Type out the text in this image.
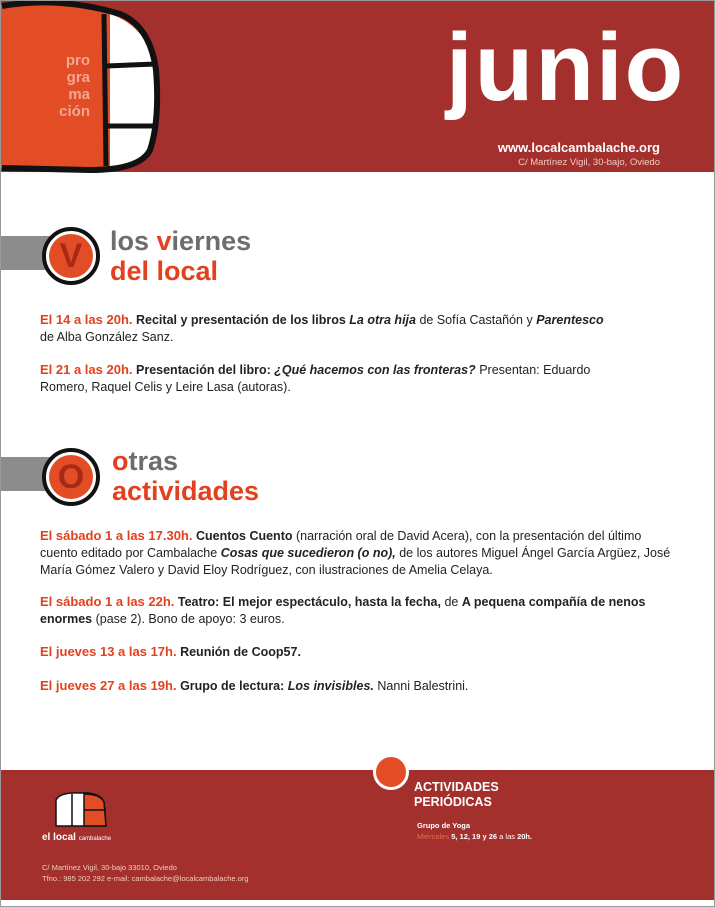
pro
gra
ma
ción	junio
www.localcambalache.org
C/ Martínez Vigil, 30-bajo, Oviedo
V	los viernes
del local
El 14 a las 20h. Recital y presentación de los libros La otra hija de Sofía Castañón y Parentesco
de Alba González Sanz.
El 21 a las 20h. Presentación del libro: ¿Qué hacemos con las fronteras? Presentan: Eduardo Romero, Raquel Celis y Leire Lasa (autoras).
O	otras
actividades
El sábado 1 a las 17.30h. Cuentos Cuento (narración oral de David Acera), con la presentación del último cuento editado por Cambalache Cosas que sucedieron (o no), de los autores Miguel Ángel García Argüez, José María Gómez Valero y David Eloy Rodríguez, con ilustraciones de Amelia Celaya.
El sábado 1 a las 22h. Teatro: El mejor espectáculo, hasta la fecha, de A pequena compañía de nenos enormes (pase 2). Bono de apoyo: 3 euros.
El jueves 13 a las 17h. Reunión de Coop57.
El jueves 27 a las 19h. Grupo de lectura: Los invisibles. Nanni Balestrini.
ACTIVIDADES
PERIÓDICAS
Grupo de Yoga
Miércoles 5, 12, 19 y 26 a las 20h.
el local cambalache
C/ Martínez Vigil, 30-bajo 33010, Oviedo
Tfno.: 985 202 292 e-mail: cambalache@localcambalache.org
